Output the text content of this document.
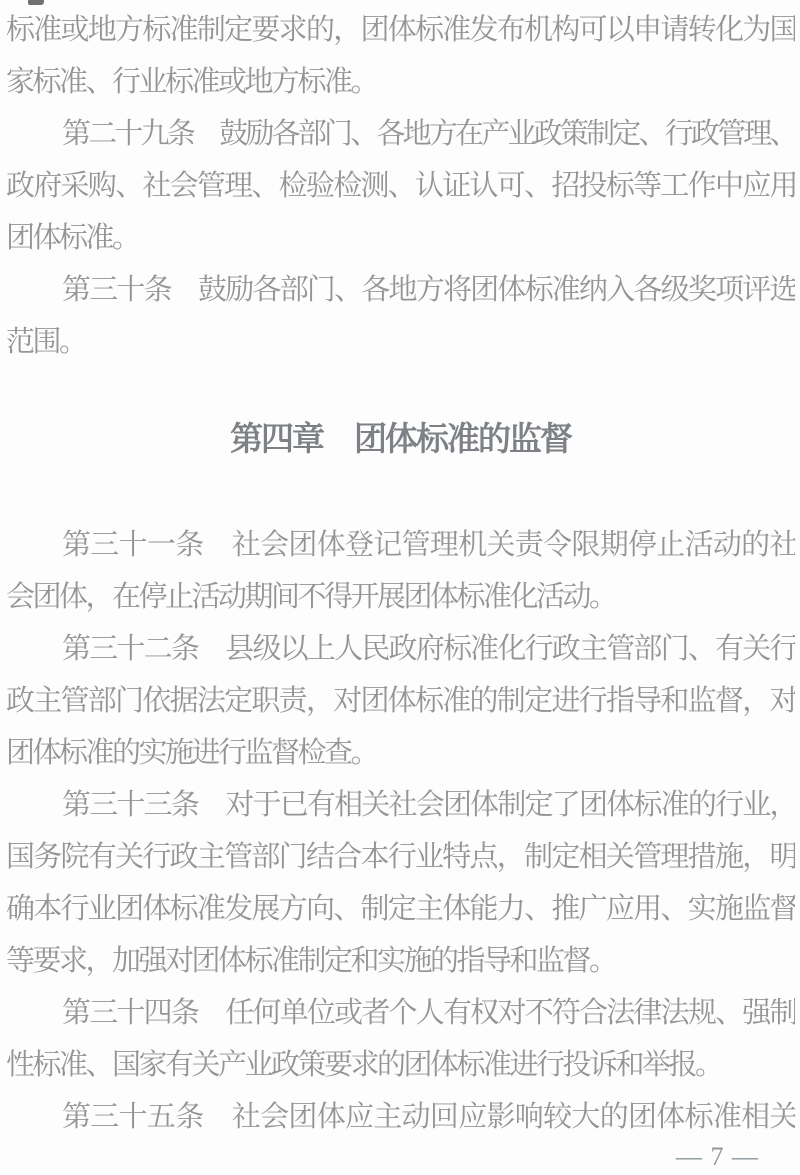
标准或地方标准制定要求的，团体标准发布机构可以申请转化为国
家标准、行业标准或地方标准。
第二十九条　鼓励各部门、各地方在产业政策制定、行政管理、
政府采购、社会管理、检验检测、认证认可、招投标等工作中应用
团体标准。
第三十条　鼓励各部门、各地方将团体标准纳入各级奖项评选
范围。
第四章　团体标准的监督
第三十一条　社会团体登记管理机关责令限期停止活动的社
会团体，在停止活动期间不得开展团体标准化活动。
第三十二条　县级以上人民政府标准化行政主管部门、有关行
政主管部门依据法定职责，对团体标准的制定进行指导和监督，对
团体标准的实施进行监督检查。
第三十三条　对于已有相关社会团体制定了团体标准的行业，
国务院有关行政主管部门结合本行业特点，制定相关管理措施，明
确本行业团体标准发展方向、制定主体能力、推广应用、实施监督
等要求，加强对团体标准制定和实施的指导和监督。
第三十四条　任何单位或者个人有权对不符合法律法规、强制
性标准、国家有关产业政策要求的团体标准进行投诉和举报。
第三十五条　社会团体应主动回应影响较大的团体标准相关
— 7 —
